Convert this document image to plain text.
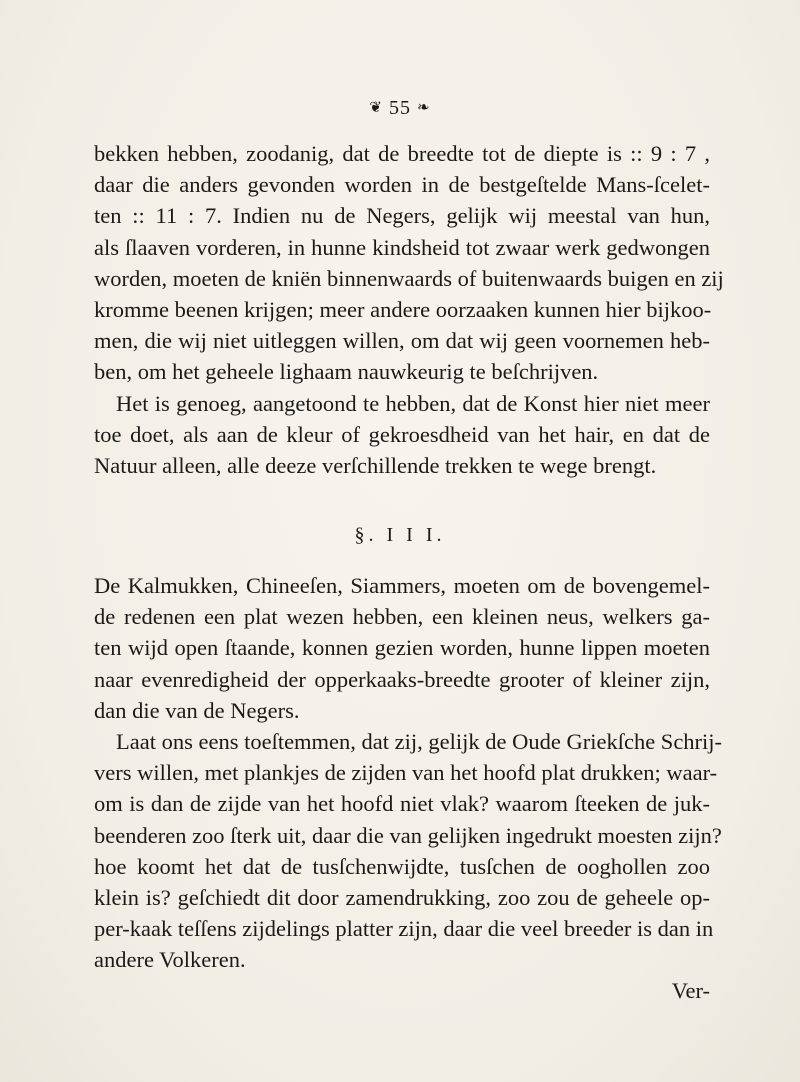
❦ 55 ❧
bekken hebben, zoodanig, dat de breedte tot de diepte is :: 9 : 7 ,
daar die anders gevonden worden in de bestgeſtelde Mans-ſcelet-
ten :: 11 : 7. Indien nu de Negers, gelijk wij meestal van hun,
als ſlaaven vorderen, in hunne kindsheid tot zwaar werk gedwongen
worden, moeten de kniën binnenwaards of buitenwaards buigen en zij
kromme beenen krijgen; meer andere oorzaaken kunnen hier bijkoo-
men, die wij niet uitleggen willen, om dat wij geen voornemen heb-
ben, om het geheele lighaam nauwkeurig te beſchrijven.
Het is genoeg, aangetoond te hebben, dat de Konst hier niet meer
toe doet, als aan de kleur of gekroesdheid van het hair, en dat de
Natuur alleen, alle deeze verſchillende trekken te wege brengt.
§. I I I.
De Kalmukken, Chineeſen, Siammers, moeten om de bovengemel-
de redenen een plat wezen hebben, een kleinen neus, welkers ga-
ten wijd open ſtaande, konnen gezien worden, hunne lippen moeten
naar evenredigheid der opperkaaks-breedte grooter of kleiner zijn,
dan die van de Negers.
Laat ons eens toeſtemmen, dat zij, gelijk de Oude Griekſche Schrij-
vers willen, met plankjes de zijden van het hoofd plat drukken; waar-
om is dan de zijde van het hoofd niet vlak? waarom ſteeken de juk-
beenderen zoo ſterk uit, daar die van gelijken ingedrukt moesten zijn?
hoe koomt het dat de tusſchenwijdte, tusſchen de ooghollen zoo
klein is? geſchiedt dit door zamendrukking, zoo zou de geheele op-
per-kaak teſſens zijdelings platter zijn, daar die veel breeder is dan in
andere Volkeren.
Ver-
